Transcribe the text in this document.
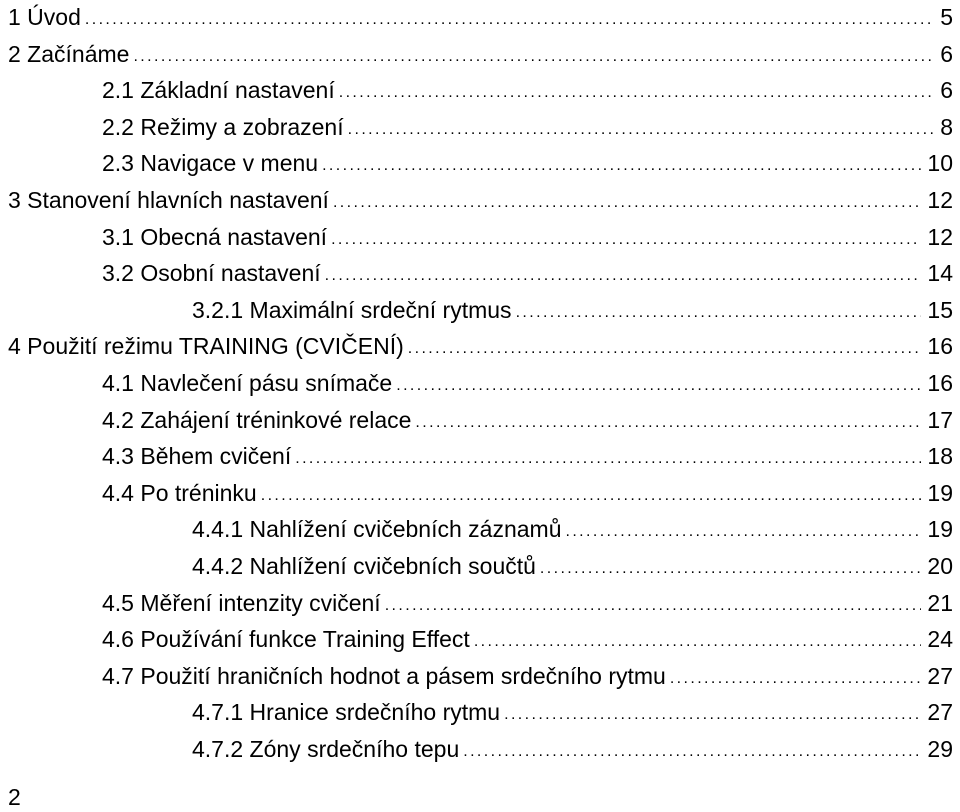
1 Úvod .....	5
2 Začínáme .....	6
2.1 Základní nastavení .....	6
2.2 Režimy a zobrazení .....	8
2.3 Navigace v menu .....	10
3 Stanovení hlavních nastavení .....	12
3.1 Obecná nastavení .....	12
3.2 Osobní nastavení .....	14
3.2.1 Maximální srdeční rytmus .....	15
4 Použití režimu TRAINING (CVIČENÍ) .....	16
4.1 Navlečení pásu snímače .....	16
4.2 Zahájení tréninkové relace .....	17
4.3 Během cvičení .....	18
4.4 Po tréninku .....	19
4.4.1 Nahlížení cvičebních záznamů .....	19
4.4.2 Nahlížení cvičebních součtů .....	20
4.5 Měření intenzity cvičení .....	21
4.6 Používání funkce Training Effect .....	24
4.7 Použití hraničních hodnot a pásem srdečního rytmu .....	27
4.7.1 Hranice srdečního rytmu .....	27
4.7.2 Zóny srdečního tepu .....	29
2
